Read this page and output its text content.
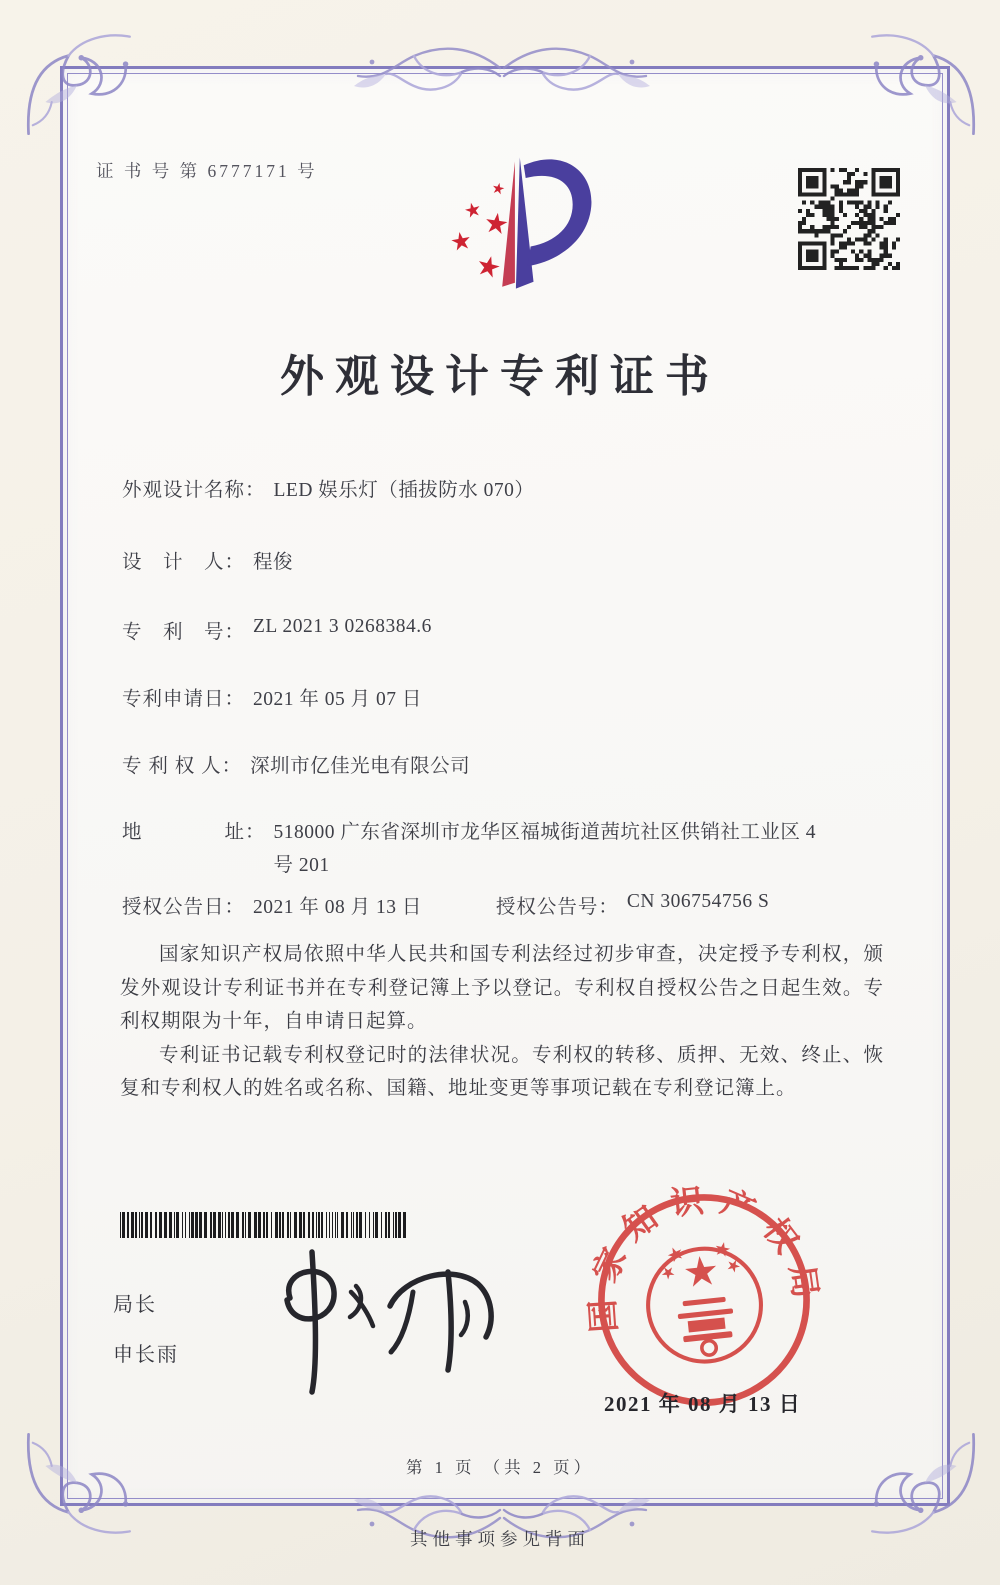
证 书 号 第 6777171 号
外观设计专利证书
外观设计名称： LED 娱乐灯（插拔防水 070）
设　计　人： 程俊
专　利　号： ZL 2021 3 0268384.6
专利申请日： 2021 年 05 月 07 日
专 利 权 人： 深圳市亿佳光电有限公司
地　　　　址： 518000 广东省深圳市龙华区福城街道茜坑社区供销社工业区 4 号 201
授权公告日： 2021 年 08 月 13 日	授权公告号： CN 306754756 S

国家知识产权局依照中华人民共和国专利法经过初步审查，决定授予专利权，颁发外观设计专利证书并在专利登记簿上予以登记。专利权自授权公告之日起生效。专利权期限为十年，自申请日起算。

专利证书记载专利权登记时的法律状况。专利权的转移、质押、无效、终止、恢复和专利权人的姓名或名称、国籍、地址变更等事项记载在专利登记簿上。

局长
申长雨
国家知识产权局
2021 年 08 月 13 日
第 1 页 （共 2 页）
其他事项参见背面
